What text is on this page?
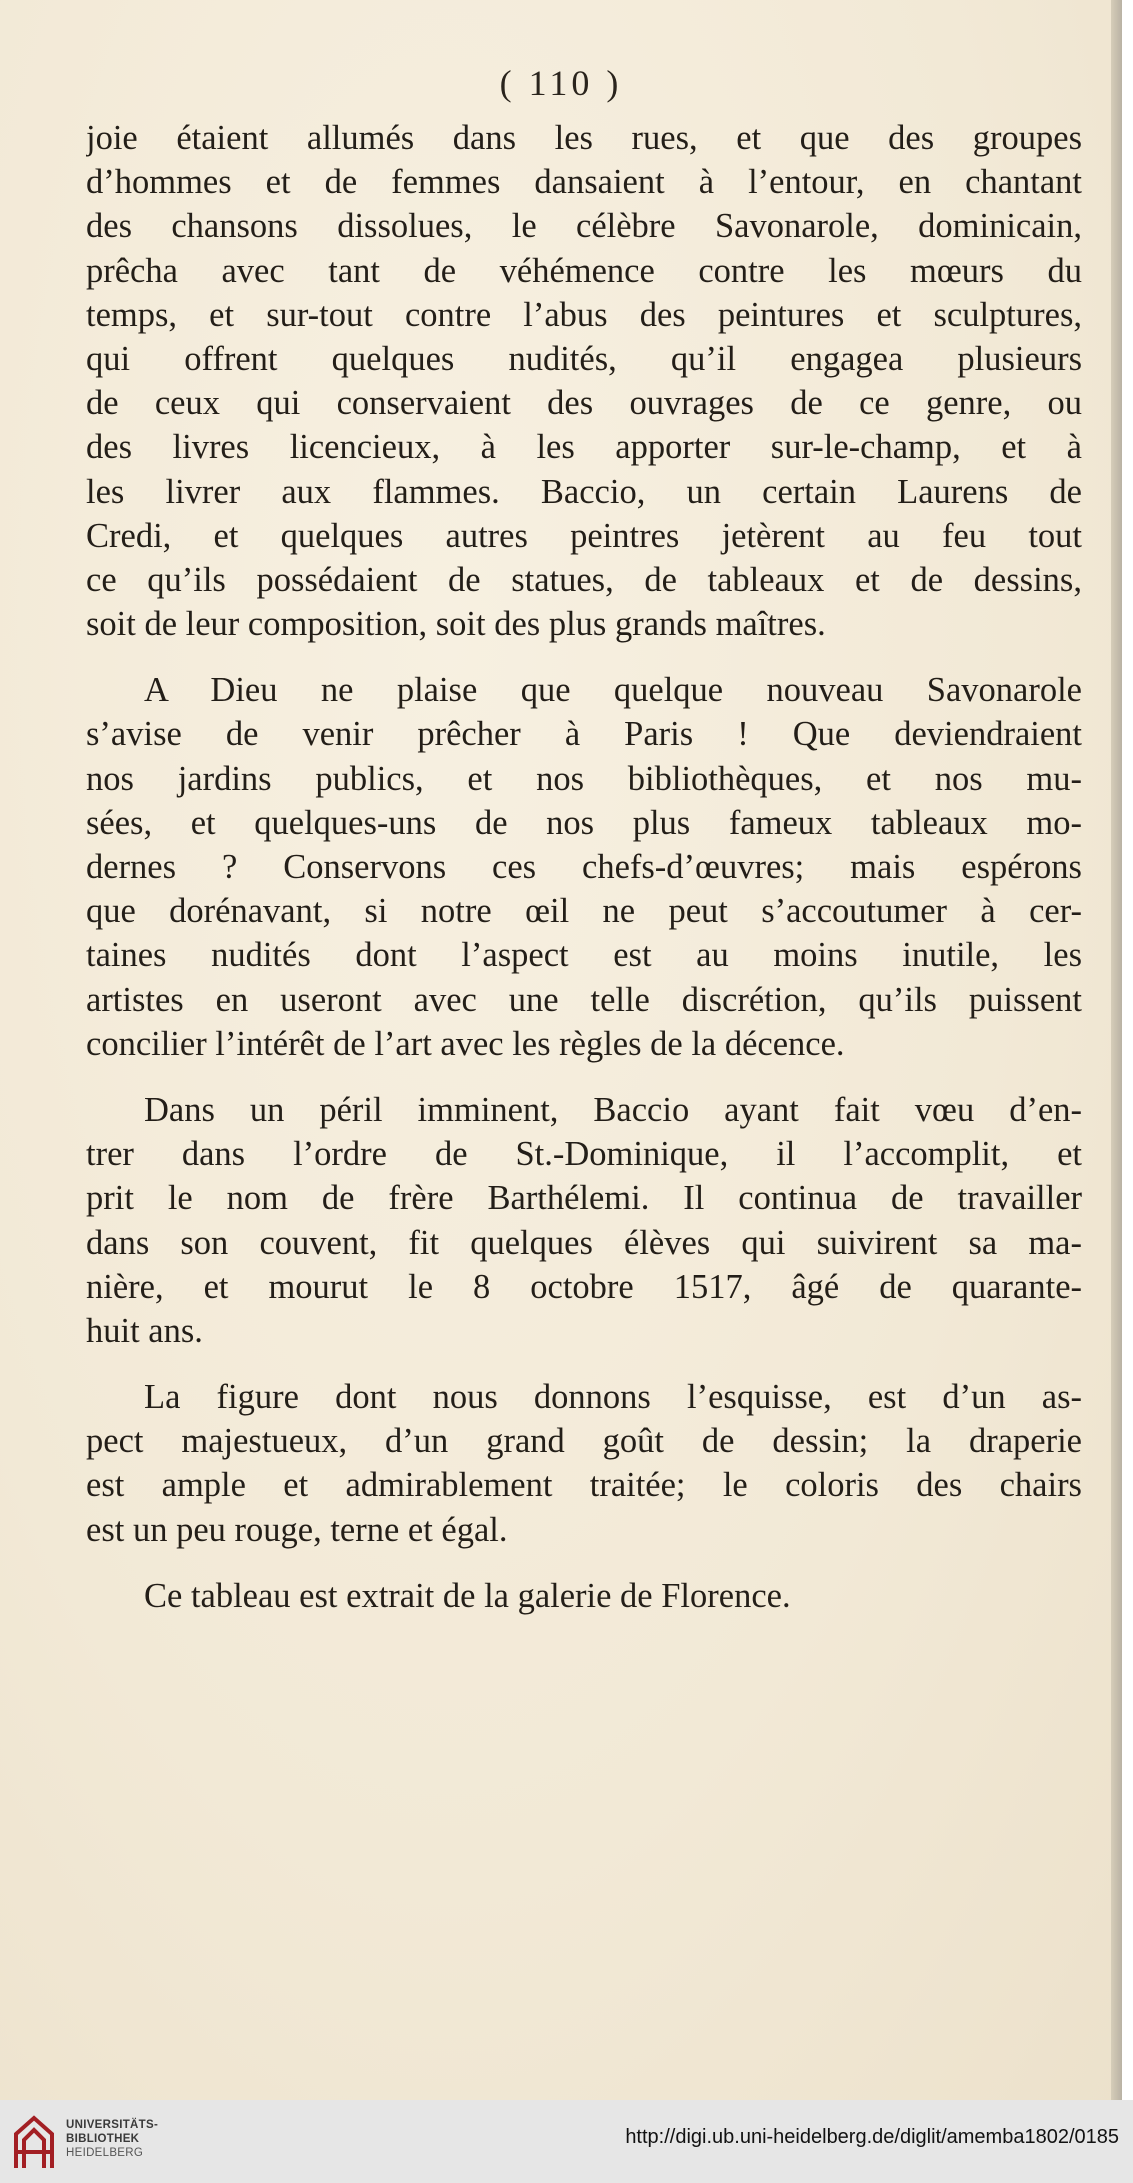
( 110 )
joie étaient allumés dans les rues, et que des groupes
d’hommes et de femmes dansaient à l’entour, en chantant
des chansons dissolues, le célèbre Savonarole, dominicain,
prêcha avec tant de véhémence contre les mœurs du
temps, et sur-tout contre l’abus des peintures et sculptures,
qui offrent quelques nudités, qu’il engagea plusieurs
de ceux qui conservaient des ouvrages de ce genre, ou
des livres licencieux, à les apporter sur-le-champ, et à
les livrer aux flammes. Baccio, un certain Laurens de
Credi, et quelques autres peintres jetèrent au feu tout
ce qu’ils possédaient de statues, de tableaux et de dessins,
soit de leur composition, soit des plus grands maîtres.
A Dieu ne plaise que quelque nouveau Savonarole
s’avise de venir prêcher à Paris ! Que deviendraient
nos jardins publics, et nos bibliothèques, et nos mu-
sées, et quelques-uns de nos plus fameux tableaux mo-
dernes ? Conservons ces chefs-d’œuvres; mais espérons
que dorénavant, si notre œil ne peut s’accoutumer à cer-
taines nudités dont l’aspect est au moins inutile, les
artistes en useront avec une telle discrétion, qu’ils puissent
concilier l’intérêt de l’art avec les règles de la décence.
Dans un péril imminent, Baccio ayant fait vœu d’en-
trer dans l’ordre de St.-Dominique, il l’accomplit, et
prit le nom de frère Barthélemi. Il continua de travailler
dans son couvent, fit quelques élèves qui suivirent sa ma-
nière, et mourut le 8 octobre 1517, âgé de quarante-
huit ans.
La figure dont nous donnons l’esquisse, est d’un as-
pect majestueux, d’un grand goût de dessin; la draperie
est ample et admirablement traitée; le coloris des chairs
est un peu rouge, terne et égal.
Ce tableau est extrait de la galerie de Florence.
UNIVERSITÄTS-
BIBLIOTHEK
HEIDELBERG
http://digi.ub.uni-heidelberg.de/diglit/amemba1802/0185
